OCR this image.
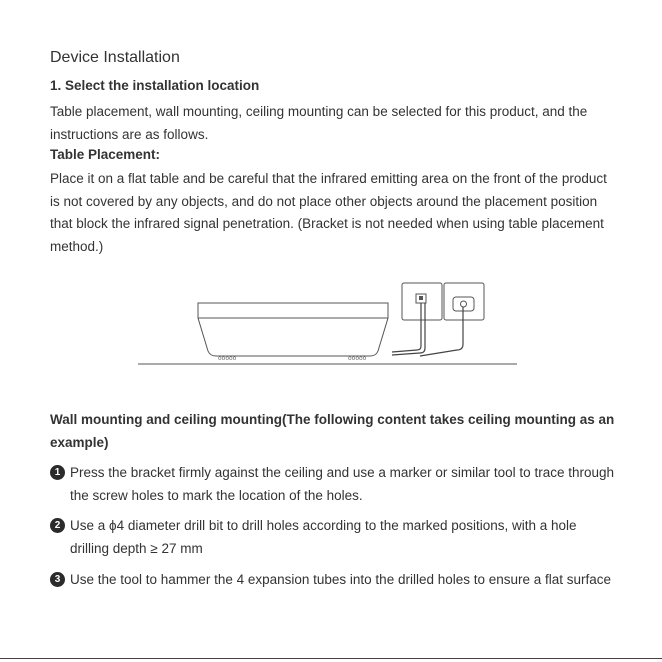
Device Installation
1. Select the installation location
Table placement, wall mounting, ceiling mounting can be selected for this product, and the instructions are as follows.
Table Placement:
Place it on a flat table and be careful that the infrared emitting area on the front of the product is not covered by any objects, and do not place other objects around the placement position that block the infrared signal penetration. (Bracket is not needed when using table placement method.)
ooooo	ooooo
Wall mounting and ceiling mounting(The following content takes ceiling mounting as an example)
1 Press the bracket firmly against the ceiling and use a marker or similar tool to trace through the screw holes to mark the location of the holes.
2 Use a ϕ4 diameter drill bit to drill holes according to the marked positions, with a hole drilling depth ≥ 27 mm
3 Use the tool to hammer the 4 expansion tubes into the drilled holes to ensure a flat surface
